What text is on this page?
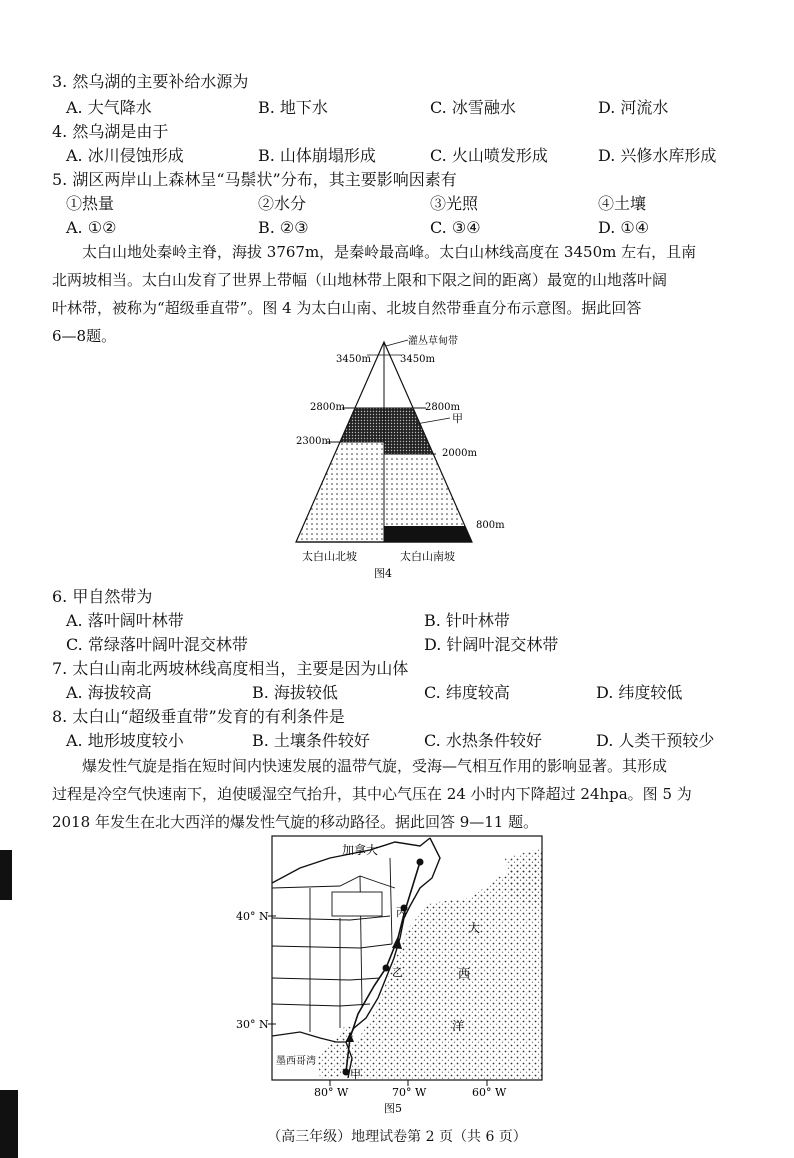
3. 然乌湖的主要补给水源为
A. 大气降水	B. 地下水	C. 冰雪融水	D. 河流水
4. 然乌湖是由于
A. 冰川侵蚀形成	B. 山体崩塌形成	C. 火山喷发形成	D. 兴修水库形成
5. 湖区两岸山上森林呈“马鬃状”分布，其主要影响因素有
①热量	②水分	③光照	④土壤
A. ①②	B. ②③	C. ③④	D. ①④

太白山地处秦岭主脊，海拔 3767m，是秦岭最高峰。太白山林线高度在 3450m 左右，且南

北两坡相当。太白山发育了世界上带幅（山地林带上限和下限之间的距离）最宽的山地落叶阔

叶林带，被称为“超级垂直带”。图 4 为太白山南、北坡自然带垂直分布示意图。据此回答

6—8题。	灌丛草甸带
3450m
2800m
2300m
3450m
2800m
2000m
800m
甲
太白山北坡	太白山南坡
图4
6. 甲自然带为
A. 落叶阔叶林带	B. 针叶林带
C. 常绿落叶阔叶混交林带	D. 针阔叶混交林带
7. 太白山南北两坡林线高度相当，主要是因为山体
A. 海拔较高	B. 海拔较低	C. 纬度较高	D. 纬度较低
8. 太白山“超级垂直带”发育的有利条件是
A. 地形坡度较小	B. 土壤条件较好	C. 水热条件较好	D. 人类干预较少

爆发性气旋是指在短时间内快速发展的温带气旋，受海—气相互作用的影响显著。其形成

过程是冷空气快速南下，迫使暖湿空气抬升，其中心气压在 24 小时内下降超过 24hpa。图 5 为

2018 年发生在北大西洋的爆发性气旋的移动路径。据此回答 9—11 题。

加拿大
大
西
洋
丙
乙
甲
墨西哥湾
40° N
30° N
80° W	70° W	60° W
图5
（高三年级）地理试卷第 2 页（共 6 页）
